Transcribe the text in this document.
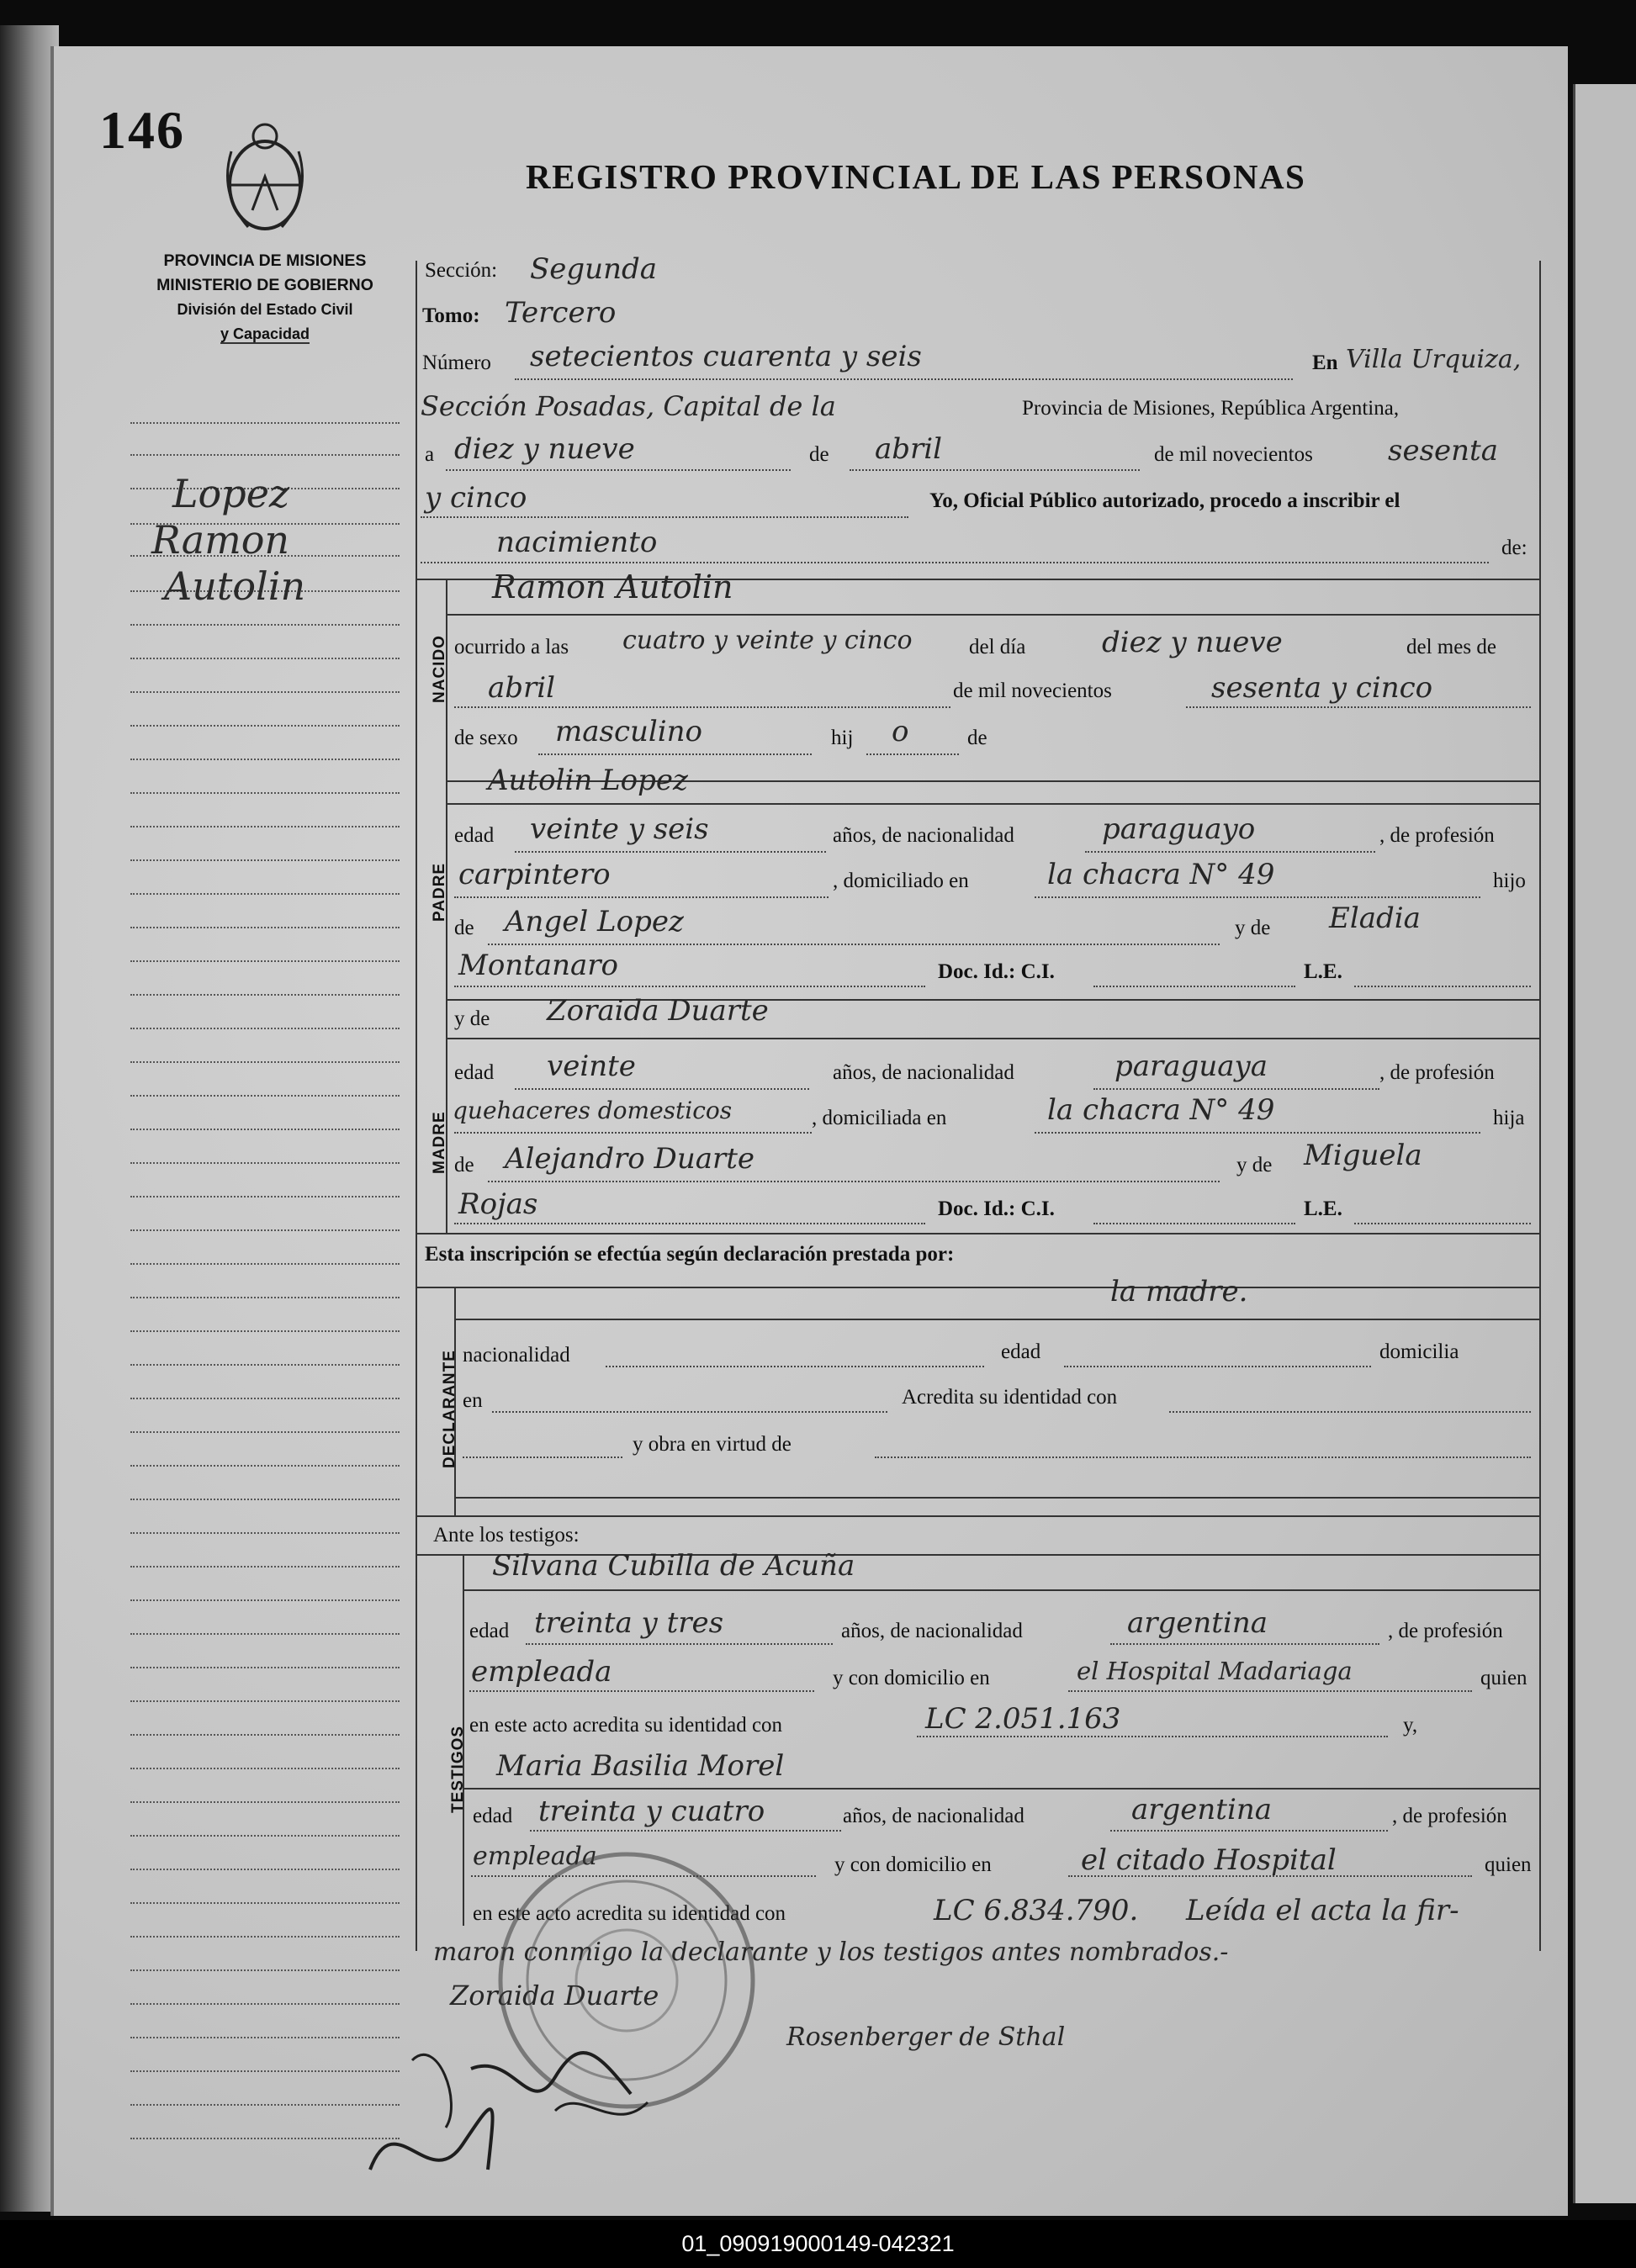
146
REGISTRO PROVINCIAL DE LAS PERSONAS
PROVINCIA DE MISIONES
MINISTERIO DE GOBIERNO
División del Estado Civil
y Capacidad
Lopez
Ramon
Autolin
Sección: Segunda
Tomo: Tercero
Número setecientos cuarenta y seis	En Villa Urquiza,
Sección Posadas, Capital de la	Provincia de Misiones, República Argentina,
a diez y nueve	de abril	de mil novecientos	sesenta
y cinco	Yo, Oficial Público autorizado, procedo a inscribir el
nacimiento	de:
NACIDO
Ramon Autolin
ocurrido a las cuatro y veinte y cinco	del día	diez y nueve	del mes de
abril	de mil novecientos	sesenta y cinco
de sexo masculino	hij o	de
PADRE
Autolin Lopez
edad veinte y seis	años, de nacionalidad	paraguayo	, de profesión
carpintero	, domiciliado en	la chacra N° 49	hijo
de Angel Lopez	y de Eladia
Montanaro	Doc. Id.: C.I.	L.E.
MADRE
y de Zoraida Duarte
edad veinte	años, de nacionalidad	paraguaya	, de profesión
quehaceres domesticos	, domiciliada en	la chacra N° 49	hija
de Alejandro Duarte	y de Miguela
Rojas	Doc. Id.: C.I.	L.E.
Esta inscripción se efectúa según declaración prestada por:
DECLARANTE
la madre.
nacionalidad	edad	domicilia
en	Acredita su identidad con
y obra en virtud de
Ante los testigos:
TESTIGOS
Silvana Cubilla de Acuña
edad treinta y tres	años, de nacionalidad	argentina	, de profesión
empleada	y con domicilio en	el Hospital Madariaga	quien
en este acto acredita su identidad con	LC 2.051.163	y,
Maria Basilia Morel
edad treinta y cuatro	años, de nacionalidad	argentina	, de profesión
empleada	y con domicilio en	el citado Hospital	quien
en este acto acredita su identidad con	LC 6.834.790. Leída el acta la fir-
maron conmigo la declarante y los testigos antes nombrados.-
Zoraida Duarte
Rosenberger de Sthal
01_090919000149-042321
